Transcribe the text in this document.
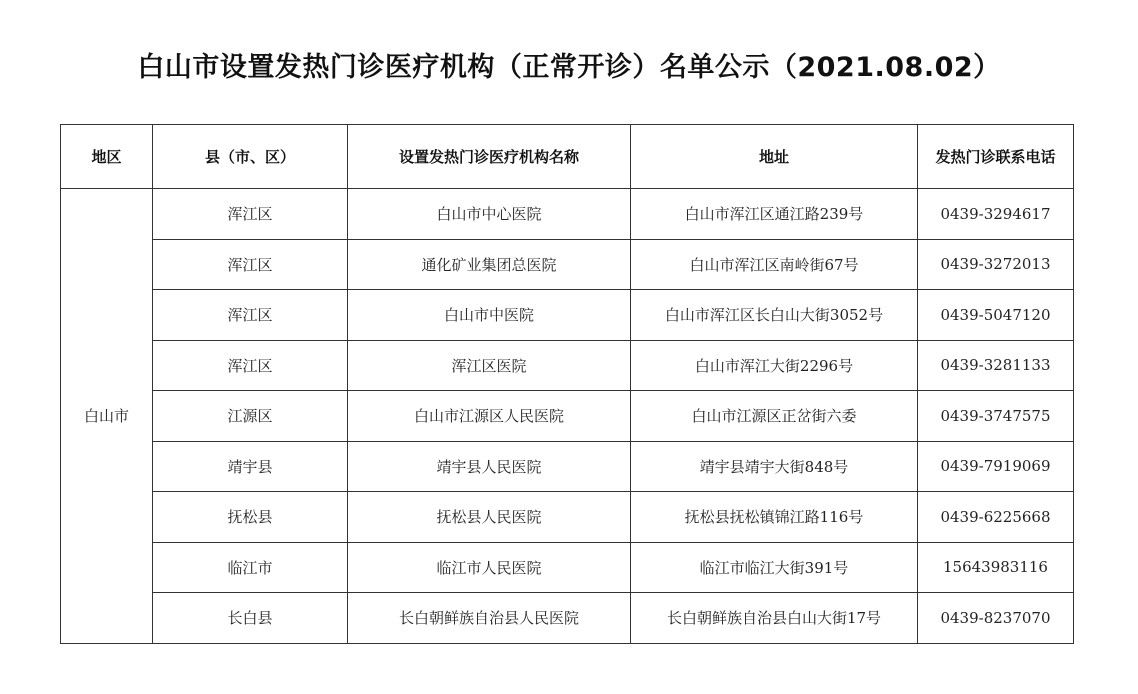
白山市设置发热门诊医疗机构（正常开诊）名单公示（2021.08.02）
地区	县（市、区）	设置发热门诊医疗机构名称	地址	发热门诊联系电话
白山市	浑江区	白山市中心医院	白山市浑江区通江路239号	0439-3294617
	浑江区	通化矿业集团总医院	白山市浑江区南岭街67号	0439-3272013
	浑江区	白山市中医院	白山市浑江区长白山大街3052号	0439-5047120
	浑江区	浑江区医院	白山市浑江大街2296号	0439-3281133
	江源区	白山市江源区人民医院	白山市江源区正岔街六委	0439-3747575
	靖宇县	靖宇县人民医院	靖宇县靖宇大街848号	0439-7919069
	抚松县	抚松县人民医院	抚松县抚松镇锦江路116号	0439-6225668
	临江市	临江市人民医院	临江市临江大街391号	15643983116
	长白县	长白朝鲜族自治县人民医院	长白朝鲜族自治县白山大街17号	0439-8237070
